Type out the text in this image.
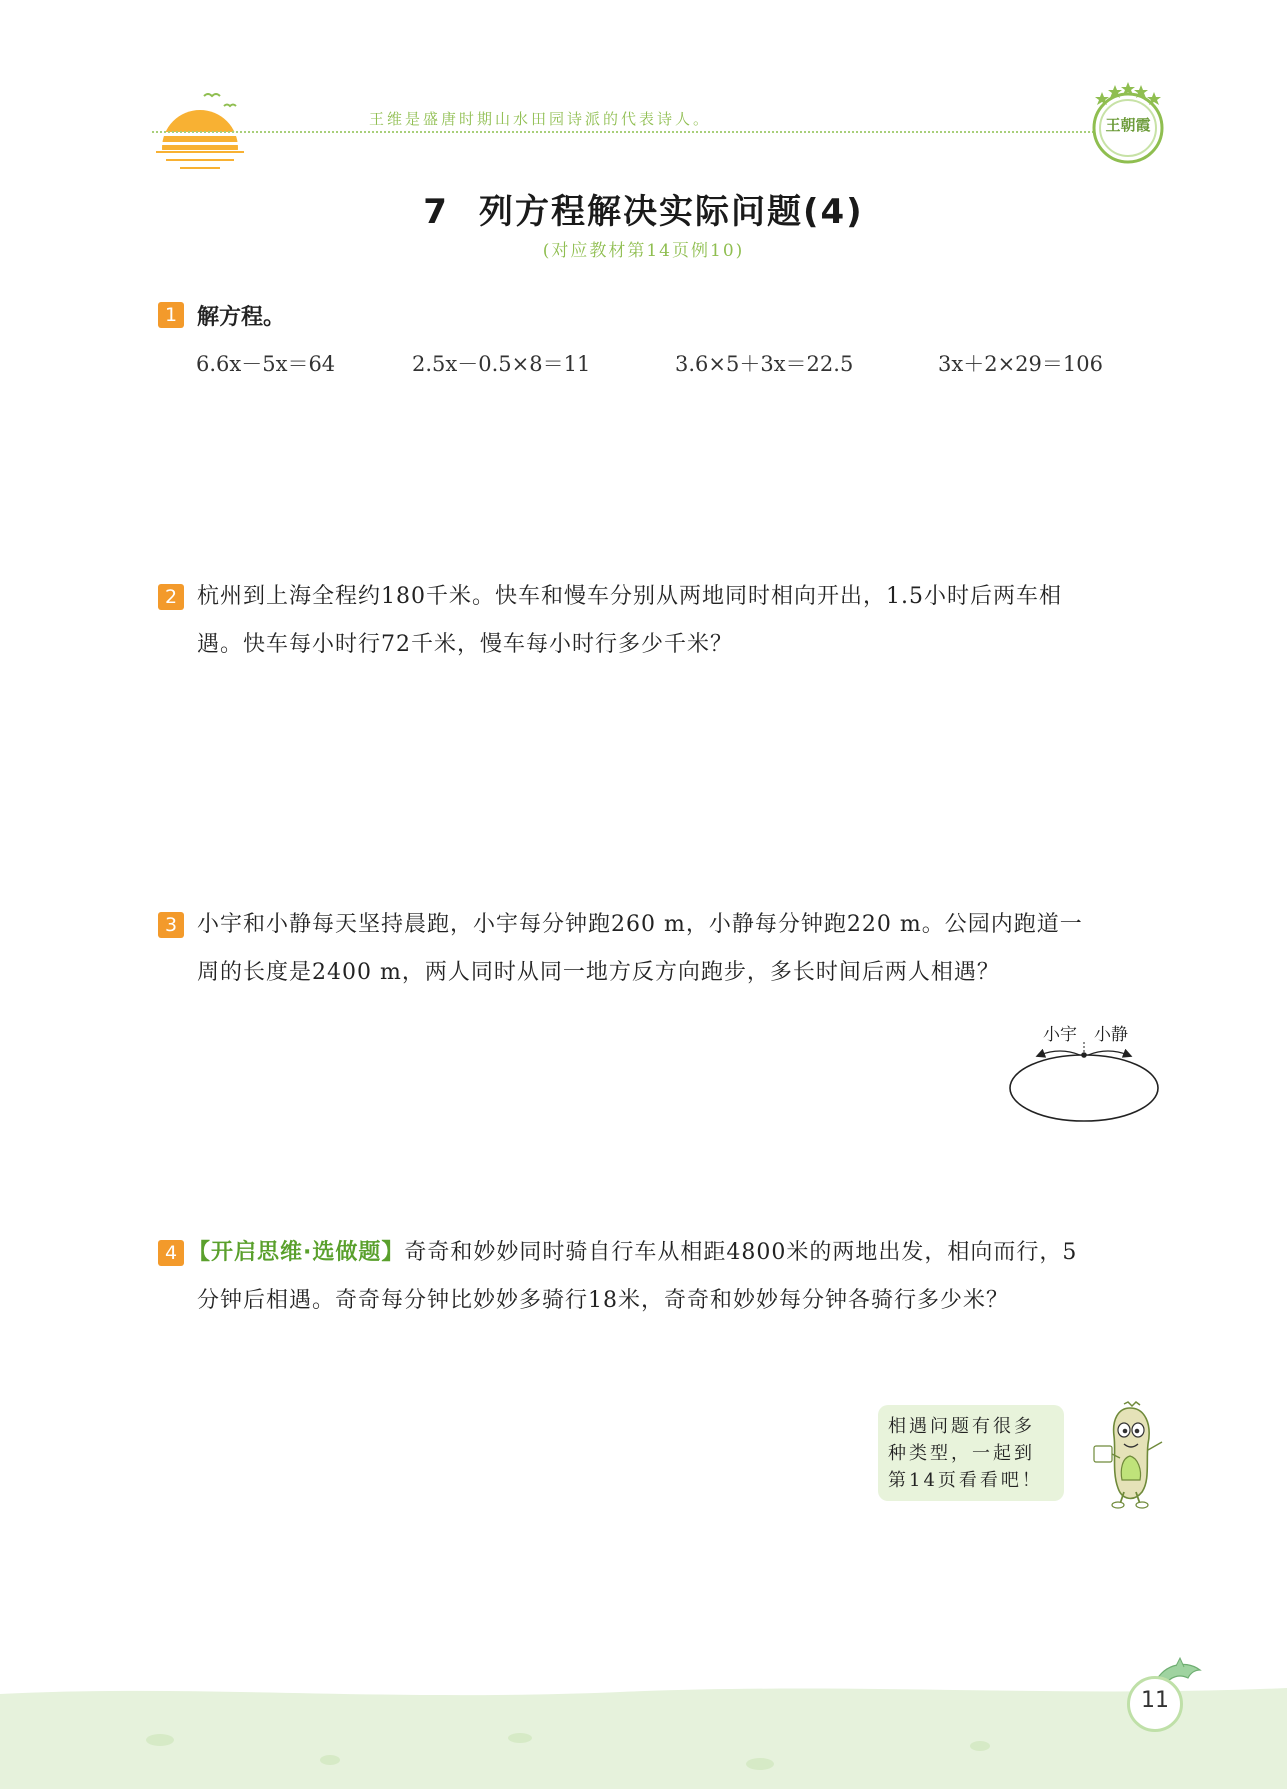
王维是盛唐时期山水田园诗派的代表诗人。	王朝霞
7 列方程解决实际问题(4)
(对应教材第14页例10)
1 解方程。
6.6x－5x＝64	2.5x－0.5×8＝11	3.6×5＋3x＝22.5	3x＋2×29＝106
2 杭州到上海全程约180千米。快车和慢车分别从两地同时相向开出，1.5小时后两车相
遇。快车每小时行72千米，慢车每小时行多少千米？
3 小宇和小静每天坚持晨跑，小宇每分钟跑260 m，小静每分钟跑220 m。公园内跑道一
周的长度是2400 m，两人同时从同一地方反方向跑步，多长时间后两人相遇？
小宇 小静
4 【开启思维·选做题】奇奇和妙妙同时骑自行车从相距4800米的两地出发，相向而行，5
分钟后相遇。奇奇每分钟比妙妙多骑行18米，奇奇和妙妙每分钟各骑行多少米？
相遇问题有很多
种类型，一起到
第14页看看吧！
11
